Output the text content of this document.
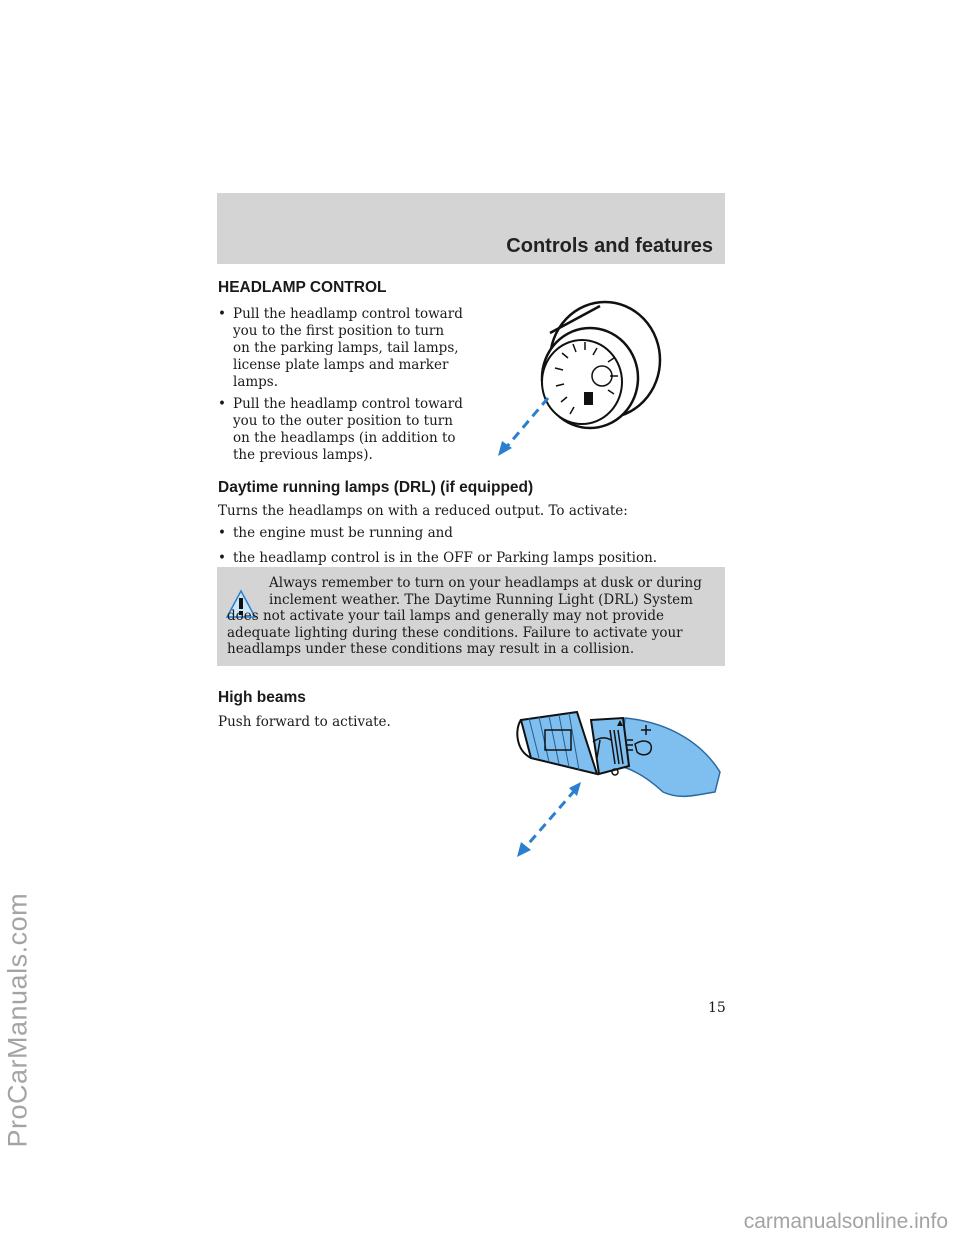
Controls and features
HEADLAMP CONTROL
• Pull the headlamp control toward
you to the first position to turn
on the parking lamps, tail lamps,
license plate lamps and marker
lamps.
• Pull the headlamp control toward
you to the outer position to turn
on the headlamps (in addition to
the previous lamps).
Daytime running lamps (DRL) (if equipped)
Turns the headlamps on with a reduced output. To activate:
• the engine must be running and
• the headlamp control is in the OFF or Parking lamps position.
Always remember to turn on your headlamps at dusk or during
inclement weather. The Daytime Running Light (DRL) System
does not activate your tail lamps and generally may not provide
adequate lighting during these conditions. Failure to activate your
headlamps under these conditions may result in a collision.
High beams
Push forward to activate.
15
ProCarManuals.com
carmanualsonline.info
